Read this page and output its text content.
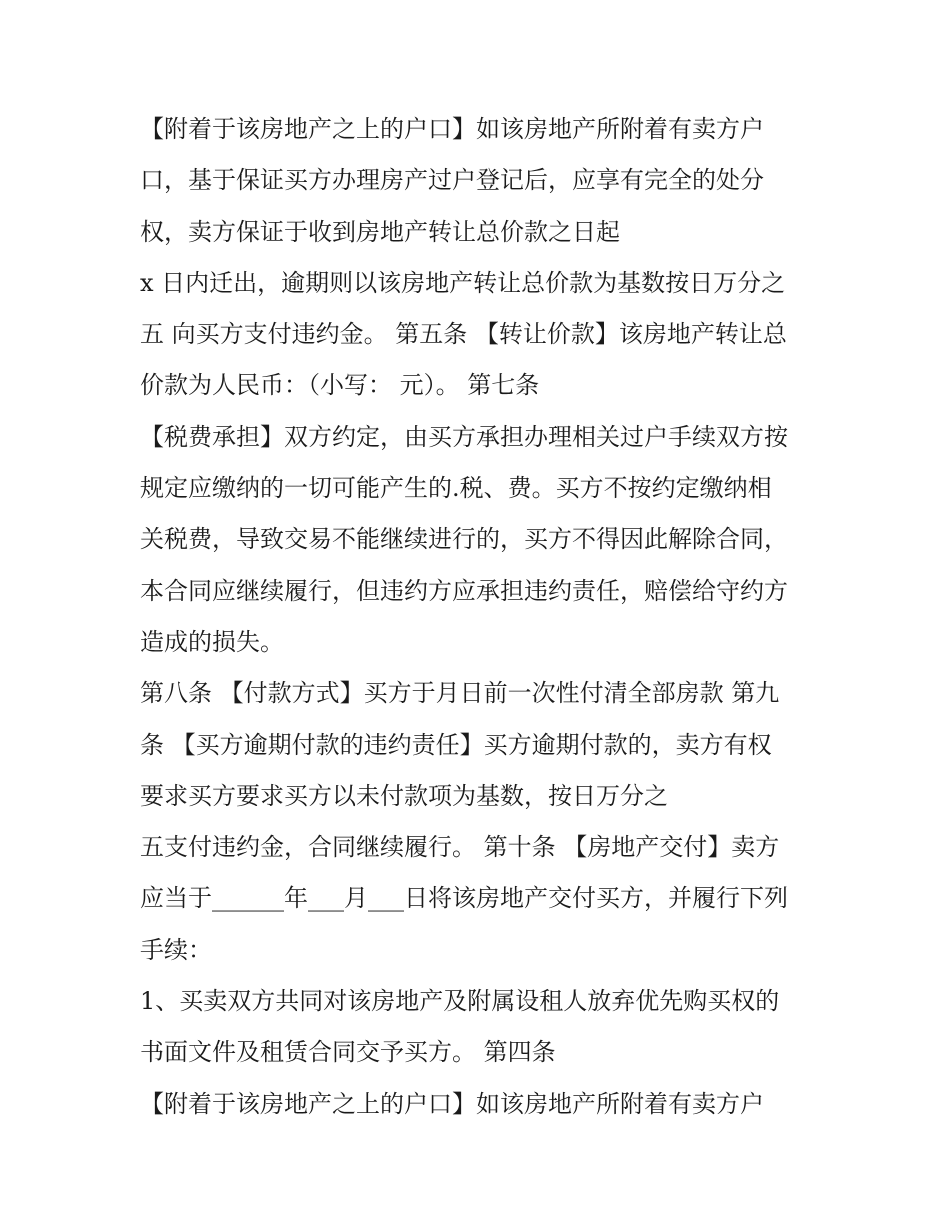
【附着于该房地产之上的户口】如该房地产所附着有卖方户
口，基于保证买方办理房产过户登记后，应享有完全的处分
权，卖方保证于收到房地产转让总价款之日起
x 日内迁出，逾期则以该房地产转让总价款为基数按日万分之
五 向买方支付违约金。 第五条 【转让价款】该房地产转让总
价款为人民币：（小写： 元）。 第七条
【税费承担】双方约定，由买方承担办理相关过户手续双方按
规定应缴纳的一切可能产生的.税、费。买方不按约定缴纳相
关税费，导致交易不能继续进行的，买方不得因此解除合同，
本合同应继续履行，但违约方应承担违约责任，赔偿给守约方
造成的损失。
第八条 【付款方式】买方于月日前一次性付清全部房款 第九
条 【买方逾期付款的违约责任】买方逾期付款的，卖方有权
要求买方要求买方以未付款项为基数，按日万分之
五支付违约金，合同继续履行。 第十条 【房地产交付】卖方
应当于______年___月___日将该房地产交付买方，并履行下列
手续：
1、买卖双方共同对该房地产及附属设租人放弃优先购买权的
书面文件及租赁合同交予买方。 第四条
【附着于该房地产之上的户口】如该房地产所附着有卖方户
